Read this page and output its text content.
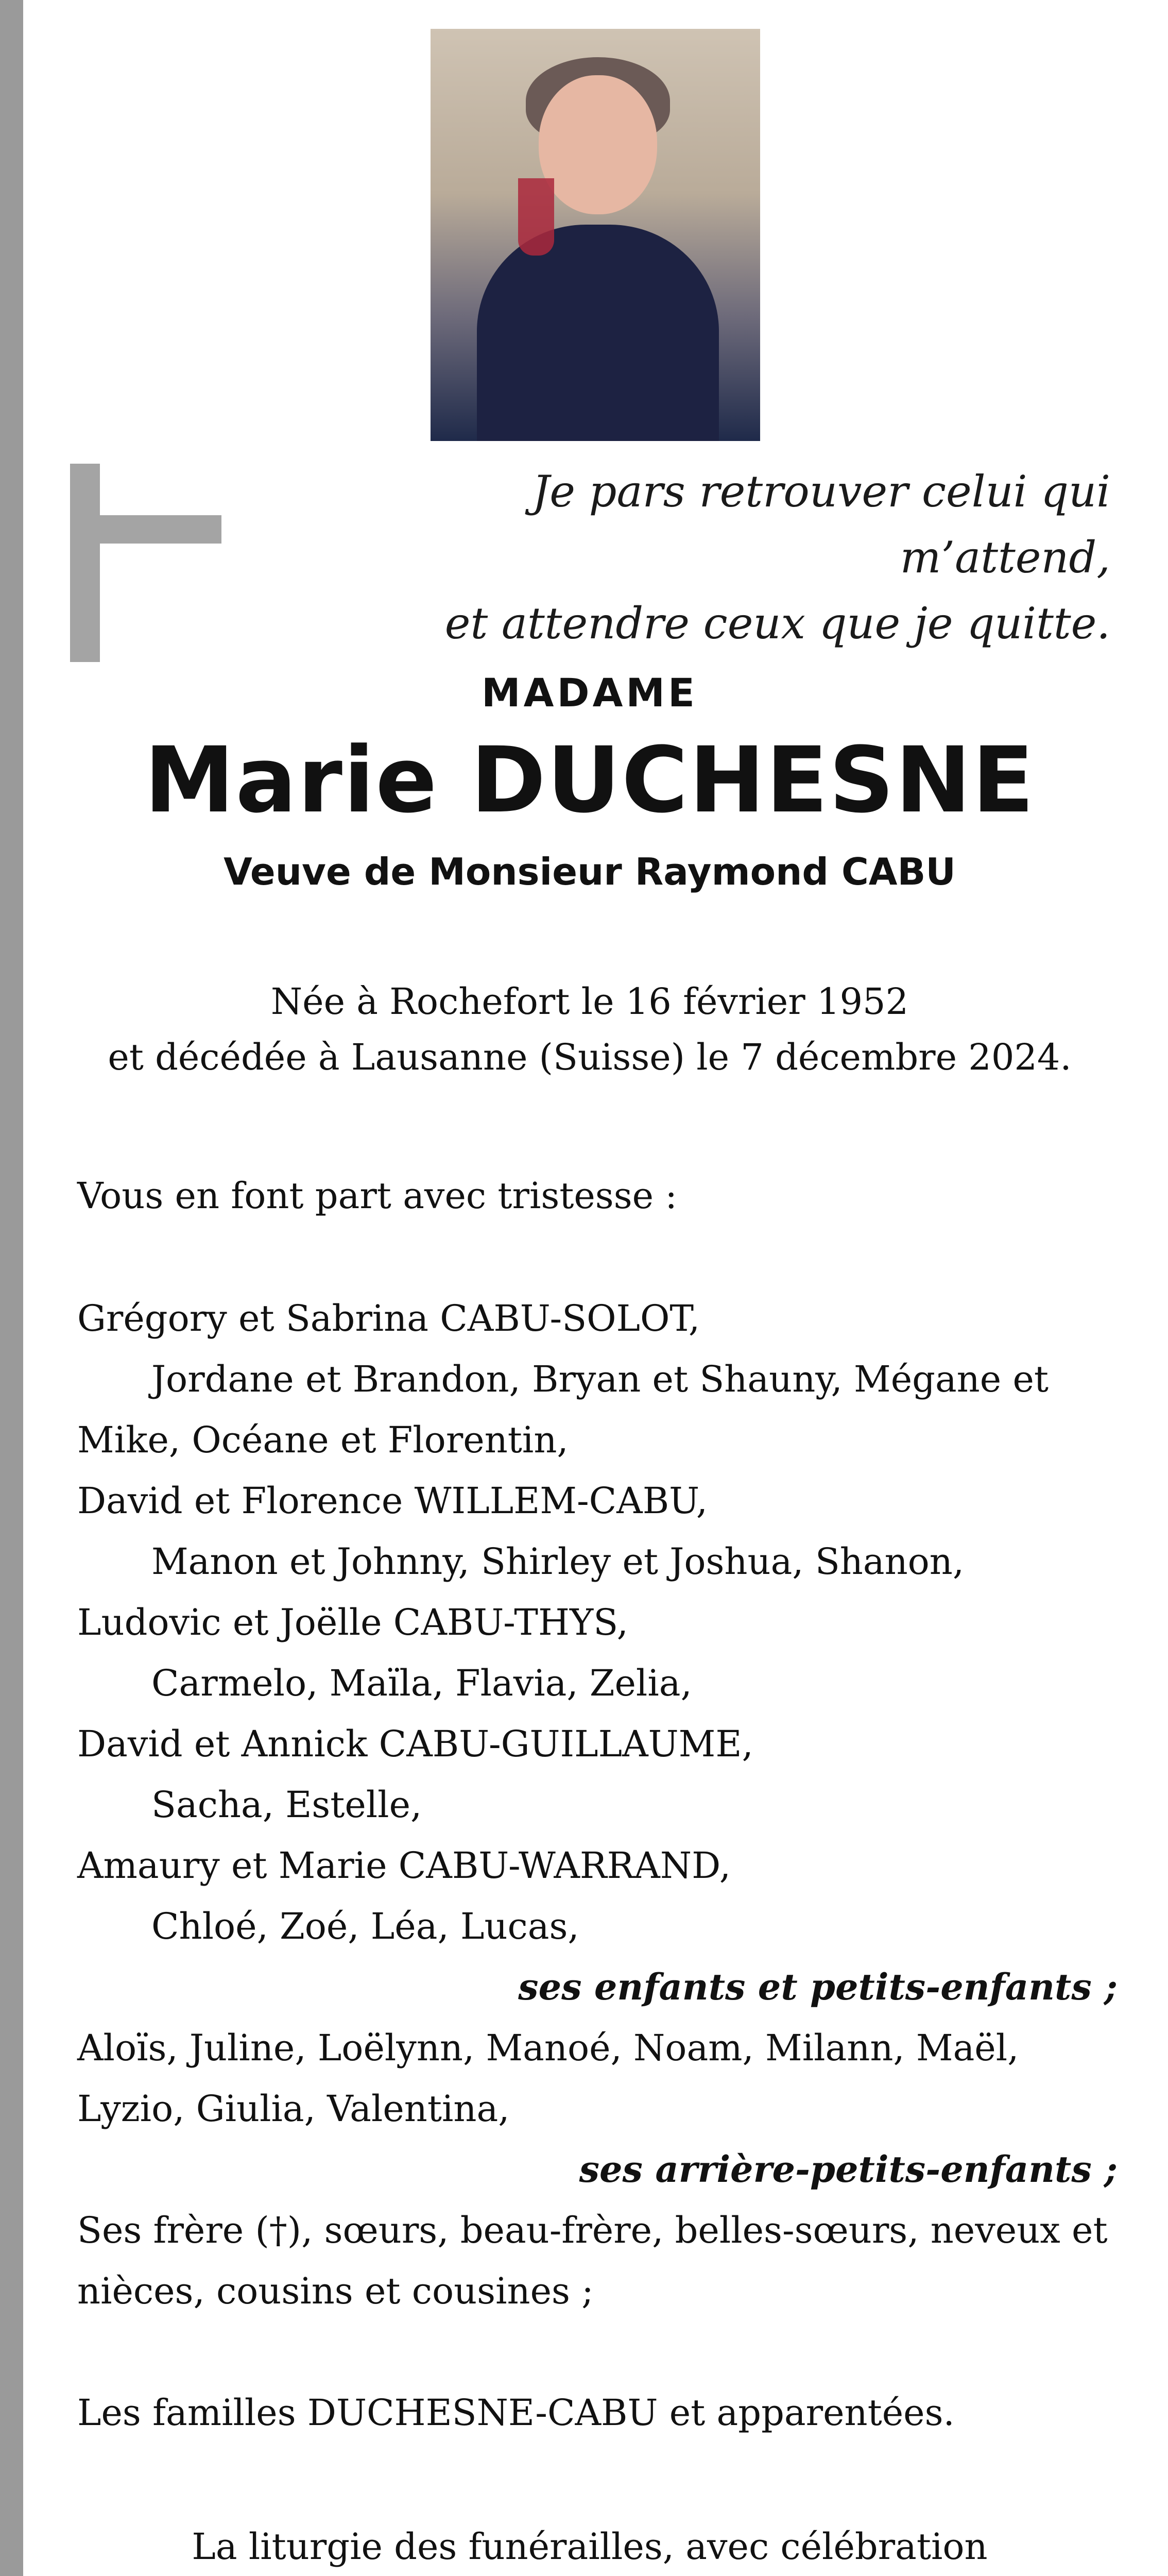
Je pars retrouver celui qui m’attend,
et attendre ceux que je quitte.
MADAME
Marie DUCHESNE
Veuve de Monsieur Raymond CABU
Née à Rochefort le 16 février 1952
et décédée à Lausanne (Suisse) le 7 décembre 2024.
Vous en font part avec tristesse :
Grégory et Sabrina CABU-SOLOT,
Jordane et Brandon, Bryan et Shauny, Mégane et
Mike, Océane et Florentin,
David et Florence WILLEM-CABU,
Manon et Johnny, Shirley et Joshua, Shanon,
Ludovic et Joëlle CABU-THYS,
Carmelo, Maïla, Flavia, Zelia,
David et Annick CABU-GUILLAUME,
Sacha, Estelle,
Amaury et Marie CABU-WARRAND,
Chloé, Zoé, Léa, Lucas,
ses enfants et petits-enfants ;
Aloïs, Juline, Loëlynn, Manoé, Noam, Milann, Maël,
Lyzio, Giulia, Valentina,
ses arrière-petits-enfants ;
Ses frère (†), sœurs, beau-frère, belles-sœurs, neveux et
nièces, cousins et cousines ;
Les familles DUCHESNE-CABU et apparentées.
La liturgie des funérailles, avec célébration
